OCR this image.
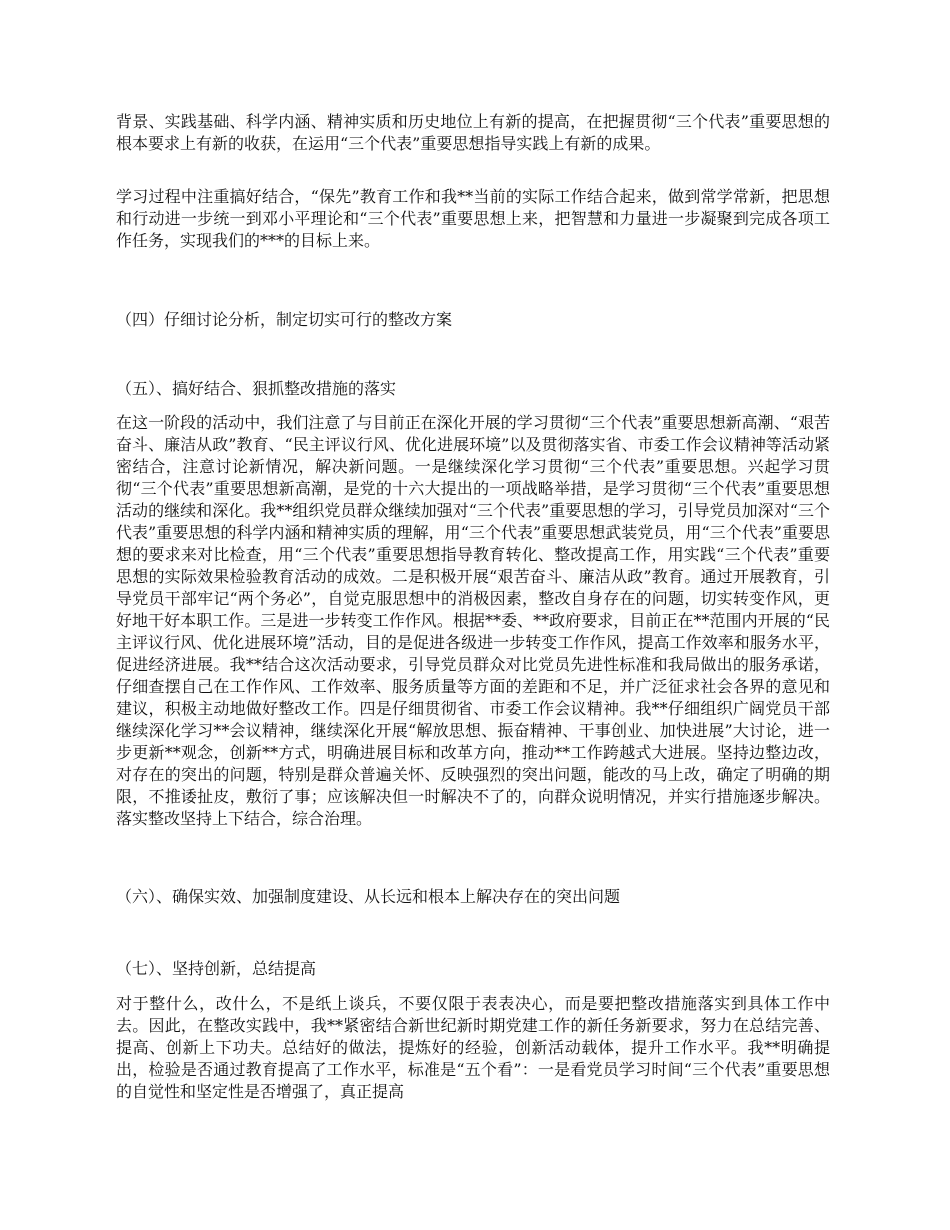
背景、实践基础、科学内涵、精神实质和历史地位上有新的提高，在把握贯彻“三个代表”重要思想的根本要求上有新的收获，在运用“三个代表”重要思想指导实践上有新的成果。

学习过程中注重搞好结合，“保先”教育工作和我**当前的实际工作结合起来，做到常学常新，把思想和行动进一步统一到邓小平理论和“三个代表”重要思想上来，把智慧和力量进一步凝聚到完成各项工作任务，实现我们的***的目标上来。

（四）仔细讨论分析，制定切实可行的整改方案

（五）、搞好结合、狠抓整改措施的落实

在这一阶段的活动中，我们注意了与目前正在深化开展的学习贯彻“三个代表”重要思想新高潮、“艰苦奋斗、廉洁从政”教育、“民主评议行风、优化进展环境”以及贯彻落实省、市委工作会议精神等活动紧密结合，注意讨论新情况，解决新问题。一是继续深化学习贯彻“三个代表”重要思想。兴起学习贯彻“三个代表”重要思想新高潮，是党的十六大提出的一项战略举措，是学习贯彻“三个代表”重要思想活动的继续和深化。我**组织党员群众继续加强对“三个代表”重要思想的学习，引导党员加深对“三个代表”重要思想的科学内涵和精神实质的理解，用“三个代表”重要思想武装党员，用“三个代表”重要思想的要求来对比检查，用“三个代表”重要思想指导教育转化、整改提高工作，用实践“三个代表”重要思想的实际效果检验教育活动的成效。二是积极开展“艰苦奋斗、廉洁从政”教育。通过开展教育，引导党员干部牢记“两个务必”，自觉克服思想中的消极因素，整改自身存在的问题，切实转变作风，更好地干好本职工作。三是进一步转变工作作风。根据**委、**政府要求，目前正在**范围内开展的“民主评议行风、优化进展环境”活动，目的是促进各级进一步转变工作作风，提高工作效率和服务水平，促进经济进展。我**结合这次活动要求，引导党员群众对比党员先进性标准和我局做出的服务承诺，仔细查摆自己在工作作风、工作效率、服务质量等方面的差距和不足，并广泛征求社会各界的意见和建议，积极主动地做好整改工作。四是仔细贯彻省、市委工作会议精神。我**仔细组织广阔党员干部继续深化学习**会议精神，继续深化开展“解放思想、振奋精神、干事创业、加快进展”大讨论，进一步更新**观念，创新**方式，明确进展目标和改革方向，推动**工作跨越式大进展。坚持边整边改，对存在的突出的问题，特别是群众普遍关怀、反映强烈的突出问题，能改的马上改，确定了明确的期限，不推诿扯皮，敷衍了事；应该解决但一时解决不了的，向群众说明情况，并实行措施逐步解决。落实整改坚持上下结合，综合治理。

（六）、确保实效、加强制度建设、从长远和根本上解决存在的突出问题

（七）、坚持创新，总结提高

对于整什么，改什么，不是纸上谈兵，不要仅限于表表决心，而是要把整改措施落实到具体工作中去。因此，在整改实践中，我**紧密结合新世纪新时期党建工作的新任务新要求，努力在总结完善、提高、创新上下功夫。总结好的做法，提炼好的经验，创新活动载体，提升工作水平。我**明确提出，检验是否通过教育提高了工作水平，标准是“五个看”：一是看党员学习时间“三个代表”重要思想的自觉性和坚定性是否增强了，真正提高
